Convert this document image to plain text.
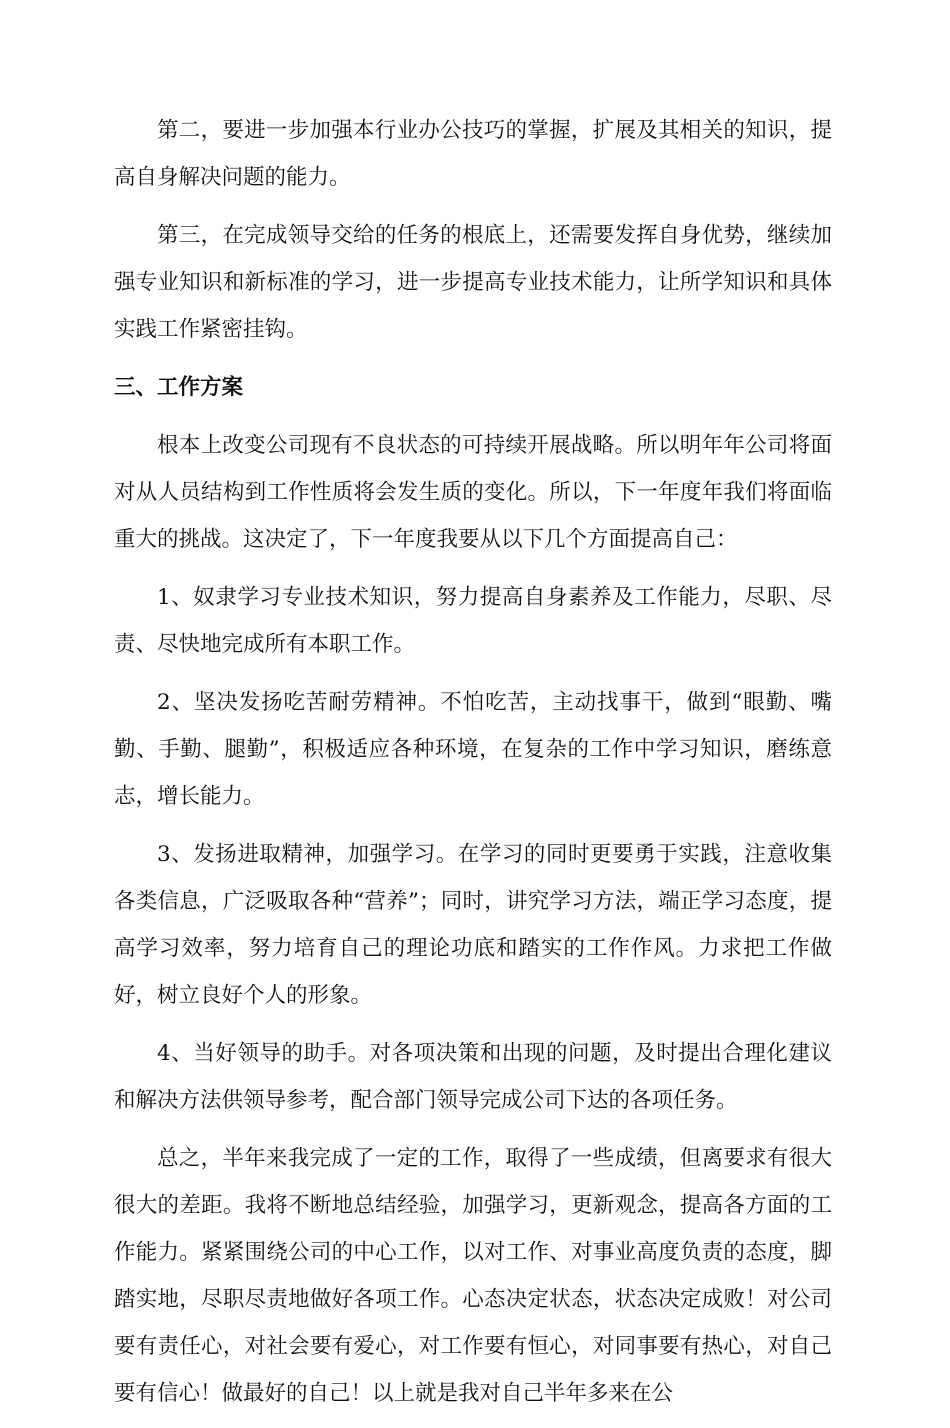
第二，要进一步加强本行业办公技巧的掌握，扩展及其相关的知识，提高自身解决问题的能力。

第三，在完成领导交给的任务的根底上，还需要发挥自身优势，继续加强专业知识和新标准的学习，进一步提高专业技术能力，让所学知识和具体实践工作紧密挂钩。

三、工作方案

根本上改变公司现有不良状态的可持续开展战略。所以明年年公司将面对从人员结构到工作性质将会发生质的变化。所以，下一年度年我们将面临重大的挑战。这决定了，下一年度我要从以下几个方面提高自己：

1、奴隶学习专业技术知识，努力提高自身素养及工作能力，尽职、尽责、尽快地完成所有本职工作。

2、坚决发扬吃苦耐劳精神。不怕吃苦，主动找事干，做到“眼勤、嘴勤、手勤、腿勤”，积极适应各种环境，在复杂的工作中学习知识，磨练意志，增长能力。

3、发扬进取精神，加强学习。在学习的同时更要勇于实践，注意收集各类信息，广泛吸取各种“营养”；同时，讲究学习方法，端正学习态度，提高学习效率，努力培育自己的理论功底和踏实的工作作风。力求把工作做好，树立良好个人的形象。

4、当好领导的助手。对各项决策和出现的问题，及时提出合理化建议和解决方法供领导参考，配合部门领导完成公司下达的各项任务。

总之，半年来我完成了一定的工作，取得了一些成绩，但离要求有很大很大的差距。我将不断地总结经验，加强学习，更新观念，提高各方面的工作能力。紧紧围绕公司的中心工作，以对工作、对事业高度负责的态度，脚踏实地，尽职尽责地做好各项工作。心态决定状态，状态决定成败！对公司要有责任心，对社会要有爱心，对工作要有恒心，对同事要有热心，对自己要有信心！做最好的自己！以上就是我对自己半年多来在公
